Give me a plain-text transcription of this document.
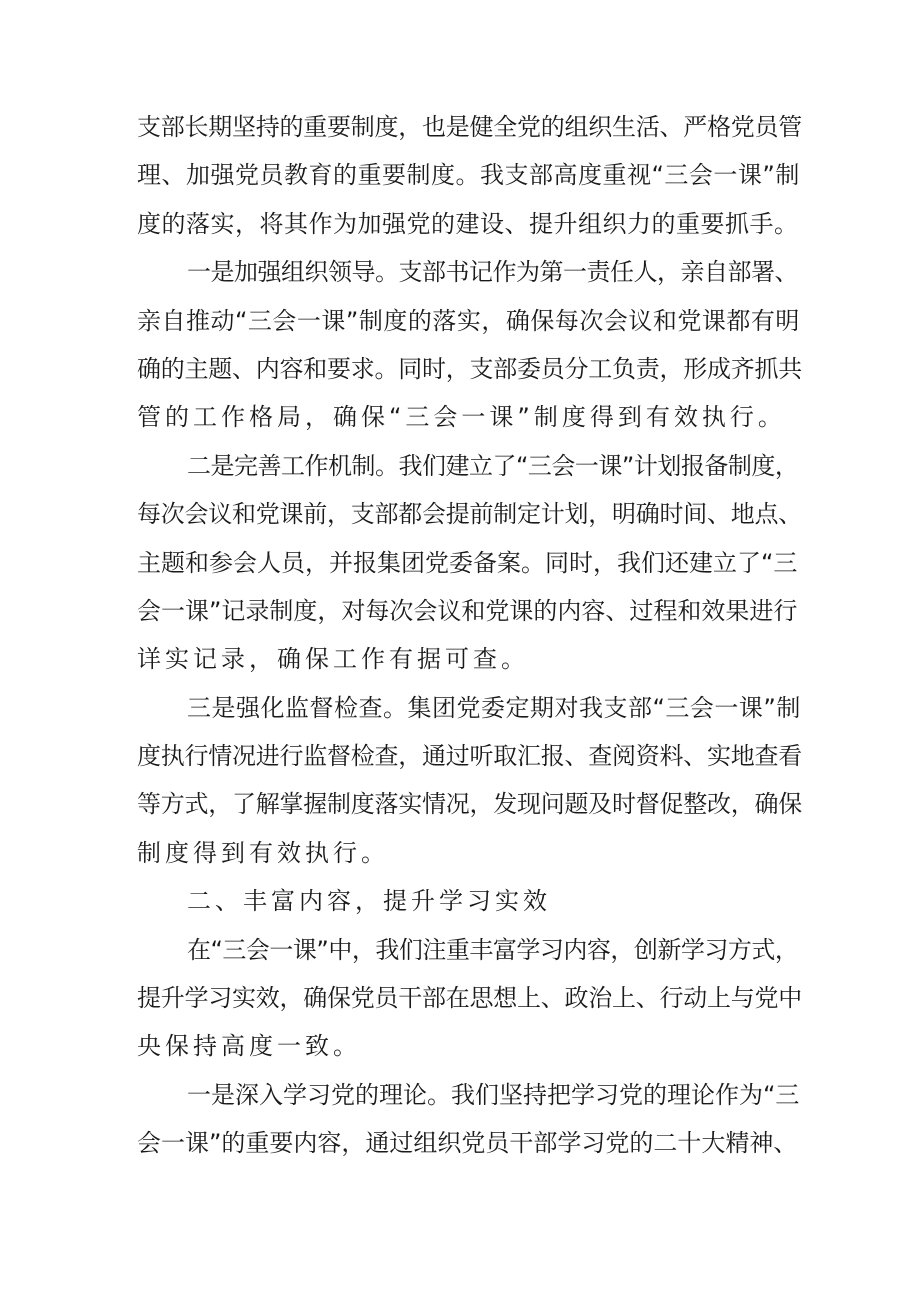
支部长期坚持的重要制度，也是健全党的组织生活、严格党员管
理、加强党员教育的重要制度。我支部高度重视“三会一课”制
度的落实，将其作为加强党的建设、提升组织力的重要抓手。
一是加强组织领导。支部书记作为第一责任人，亲自部署、
亲自推动“三会一课”制度的落实，确保每次会议和党课都有明
确的主题、内容和要求。同时，支部委员分工负责，形成齐抓共
管的工作格局，确保“三会一课”制度得到有效执行。
二是完善工作机制。我们建立了“三会一课”计划报备制度，
每次会议和党课前，支部都会提前制定计划，明确时间、地点、
主题和参会人员，并报集团党委备案。同时，我们还建立了“三
会一课”记录制度，对每次会议和党课的内容、过程和效果进行
详实记录，确保工作有据可查。
三是强化监督检查。集团党委定期对我支部“三会一课”制
度执行情况进行监督检查，通过听取汇报、查阅资料、实地查看
等方式，了解掌握制度落实情况，发现问题及时督促整改，确保
制度得到有效执行。
二、丰富内容，提升学习实效
在“三会一课”中，我们注重丰富学习内容，创新学习方式，
提升学习实效，确保党员干部在思想上、政治上、行动上与党中
央保持高度一致。
一是深入学习党的理论。我们坚持把学习党的理论作为“三
会一课”的重要内容，通过组织党员干部学习党的二十大精神、
